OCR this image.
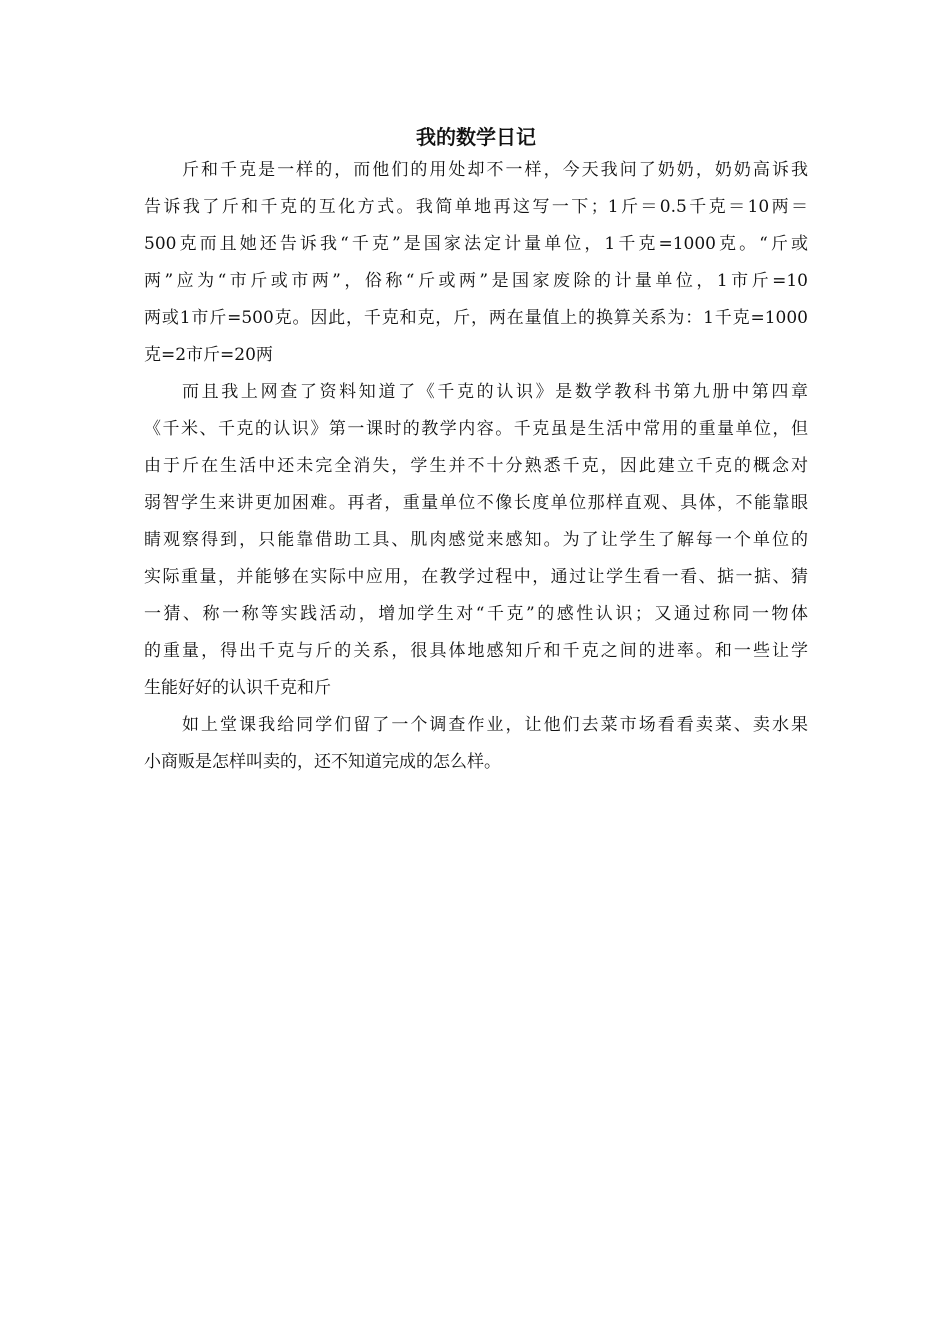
我的数学日记
斤和千克是一样的，而他们的用处却不一样，今天我问了奶奶，奶奶高诉我
告诉我了斤和千克的互化方式。我简单地再这写一下；1斤＝0.5千克＝10两＝
500克而且她还告诉我“千克”是国家法定计量单位，1千克=1000克。“斤或
两”应为“市斤或市两”，俗称“斤或两”是国家废除的计量单位，1市斤=10
两或1市斤=500克。因此，千克和克，斤，两在量值上的换算关系为：1千克=1000
克=2市斤=20两
而且我上网查了资料知道了《千克的认识》是数学教科书第九册中第四章
《千米、千克的认识》第一课时的教学内容。千克虽是生活中常用的重量单位，但
由于斤在生活中还未完全消失，学生并不十分熟悉千克，因此建立千克的概念对
弱智学生来讲更加困难。再者，重量单位不像长度单位那样直观、具体，不能靠眼
睛观察得到，只能靠借助工具、肌肉感觉来感知。为了让学生了解每一个单位的
实际重量，并能够在实际中应用，在教学过程中，通过让学生看一看、掂一掂、猜
一猜、称一称等实践活动，增加学生对“千克”的感性认识；又通过称同一物体
的重量，得出千克与斤的关系，很具体地感知斤和千克之间的进率。和一些让学
生能好好的认识千克和斤
如上堂课我给同学们留了一个调查作业，让他们去菜市场看看卖菜、卖水果
小商贩是怎样叫卖的，还不知道完成的怎么样。
